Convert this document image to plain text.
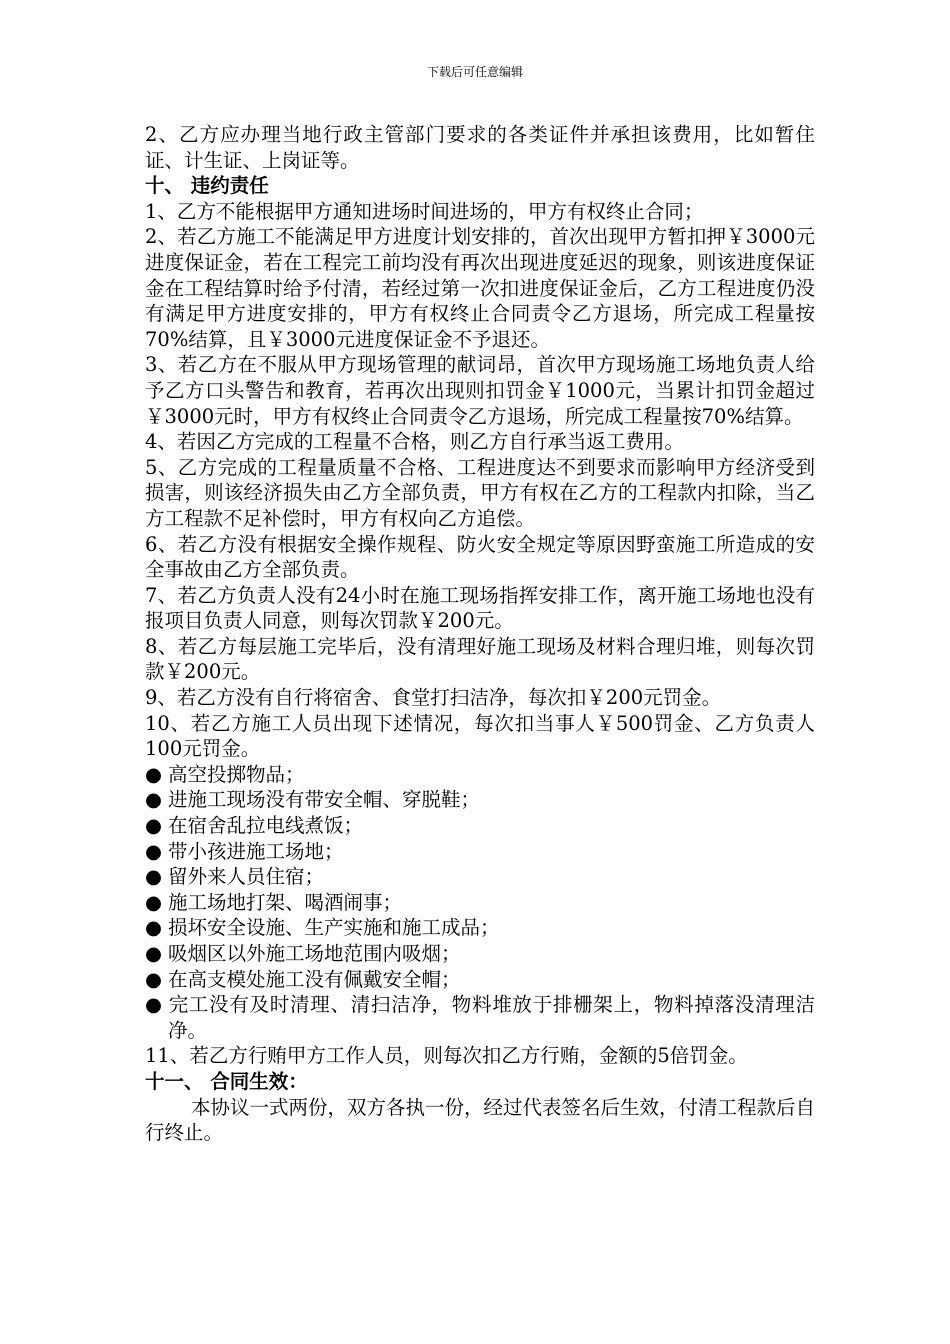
下载后可任意编辑

2、乙方应办理当地行政主管部门要求的各类证件并承担该费用，比如暂住证、计生证、上岗证等。

十、 违约责任

1、乙方不能根据甲方通知进场时间进场的，甲方有权终止合同；

2、若乙方施工不能满足甲方进度计划安排的，首次出现甲方暂扣押￥3000元进度保证金，若在工程完工前均没有再次出现进度延迟的现象，则该进度保证金在工程结算时给予付清，若经过第一次扣进度保证金后，乙方工程进度仍没有满足甲方进度安排的，甲方有权终止合同责令乙方退场，所完成工程量按70%结算，且￥3000元进度保证金不予退还。

3、若乙方在不服从甲方现场管理的献词昂，首次甲方现场施工场地负责人给予乙方口头警告和教育，若再次出现则扣罚金￥1000元，当累计扣罚金超过￥3000元时，甲方有权终止合同责令乙方退场，所完成工程量按70%结算。

4、若因乙方完成的工程量不合格，则乙方自行承当返工费用。

5、乙方完成的工程量质量不合格、工程进度达不到要求而影响甲方经济受到损害，则该经济损失由乙方全部负责，甲方有权在乙方的工程款内扣除，当乙方工程款不足补偿时，甲方有权向乙方追偿。

6、若乙方没有根据安全操作规程、防火安全规定等原因野蛮施工所造成的安全事故由乙方全部负责。

7、若乙方负责人没有24小时在施工现场指挥安排工作，离开施工场地也没有报项目负责人同意，则每次罚款￥200元。

8、若乙方每层施工完毕后，没有清理好施工现场及材料合理归堆，则每次罚款￥200元。

9、若乙方没有自行将宿舍、食堂打扫洁净，每次扣￥200元罚金。

10、若乙方施工人员出现下述情况，每次扣当事人￥500罚金、乙方负责人100元罚金。

● 高空投掷物品；

● 进施工现场没有带安全帽、穿脱鞋；

● 在宿舍乱拉电线煮饭；

● 带小孩进施工场地；

● 留外来人员住宿；

● 施工场地打架、喝酒闹事；

● 损坏安全设施、生产实施和施工成品；

● 吸烟区以外施工场地范围内吸烟；

● 在高支模处施工没有佩戴安全帽；

● 完工没有及时清理、清扫洁净，物料堆放于排栅架上，物料掉落没清理洁净。

11、若乙方行贿甲方工作人员，则每次扣乙方行贿，金额的5倍罚金。

十一、 合同生效：

本协议一式两份，双方各执一份，经过代表签名后生效，付清工程款后自行终止。
